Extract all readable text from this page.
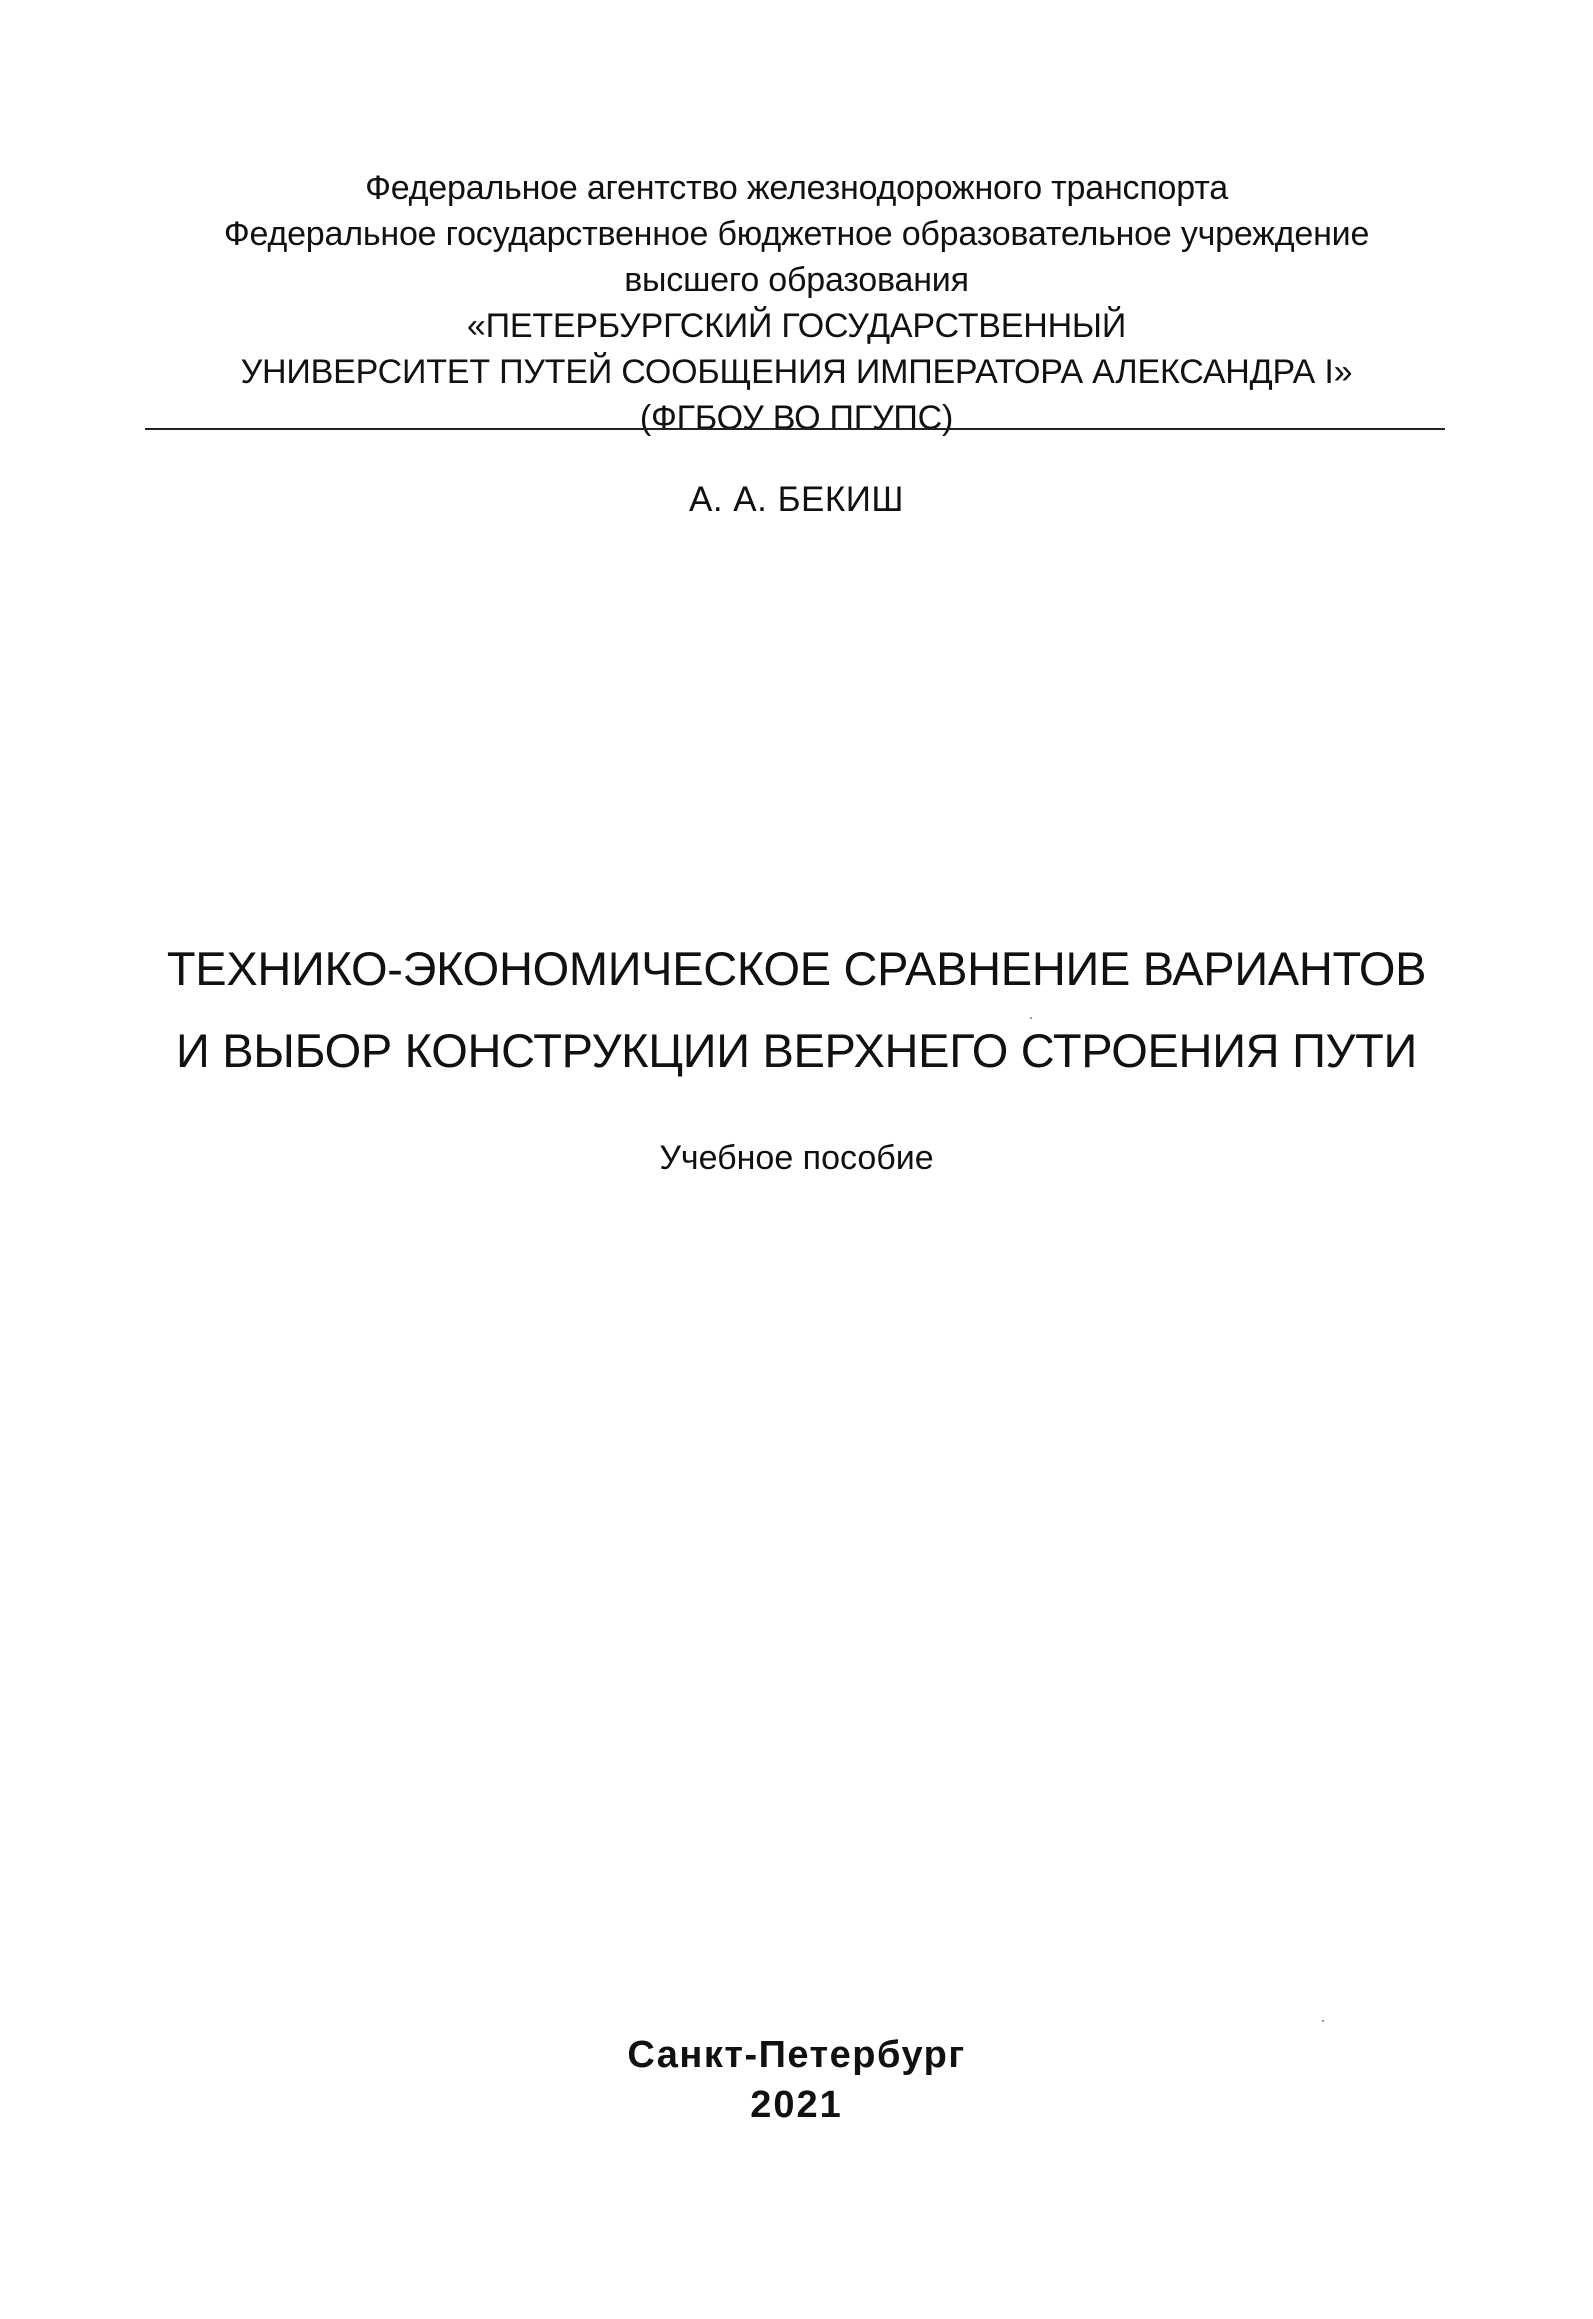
Федеральное агентство железнодорожного транспорта
Федеральное государственное бюджетное образовательное учреждение
высшего образования
«ПЕТЕРБУРГСКИЙ ГОСУДАРСТВЕННЫЙ
УНИВЕРСИТЕТ ПУТЕЙ СООБЩЕНИЯ ИМПЕРАТОРА АЛЕКСАНДРА I»
(ФГБОУ ВО ПГУПС)
А. А. БЕКИШ
ТЕХНИКО-ЭКОНОМИЧЕСКОЕ СРАВНЕНИЕ ВАРИАНТОВ
И ВЫБОР КОНСТРУКЦИИ ВЕРХНЕГО СТРОЕНИЯ ПУТИ
Учебное пособие
Санкт-Петербург
2021
